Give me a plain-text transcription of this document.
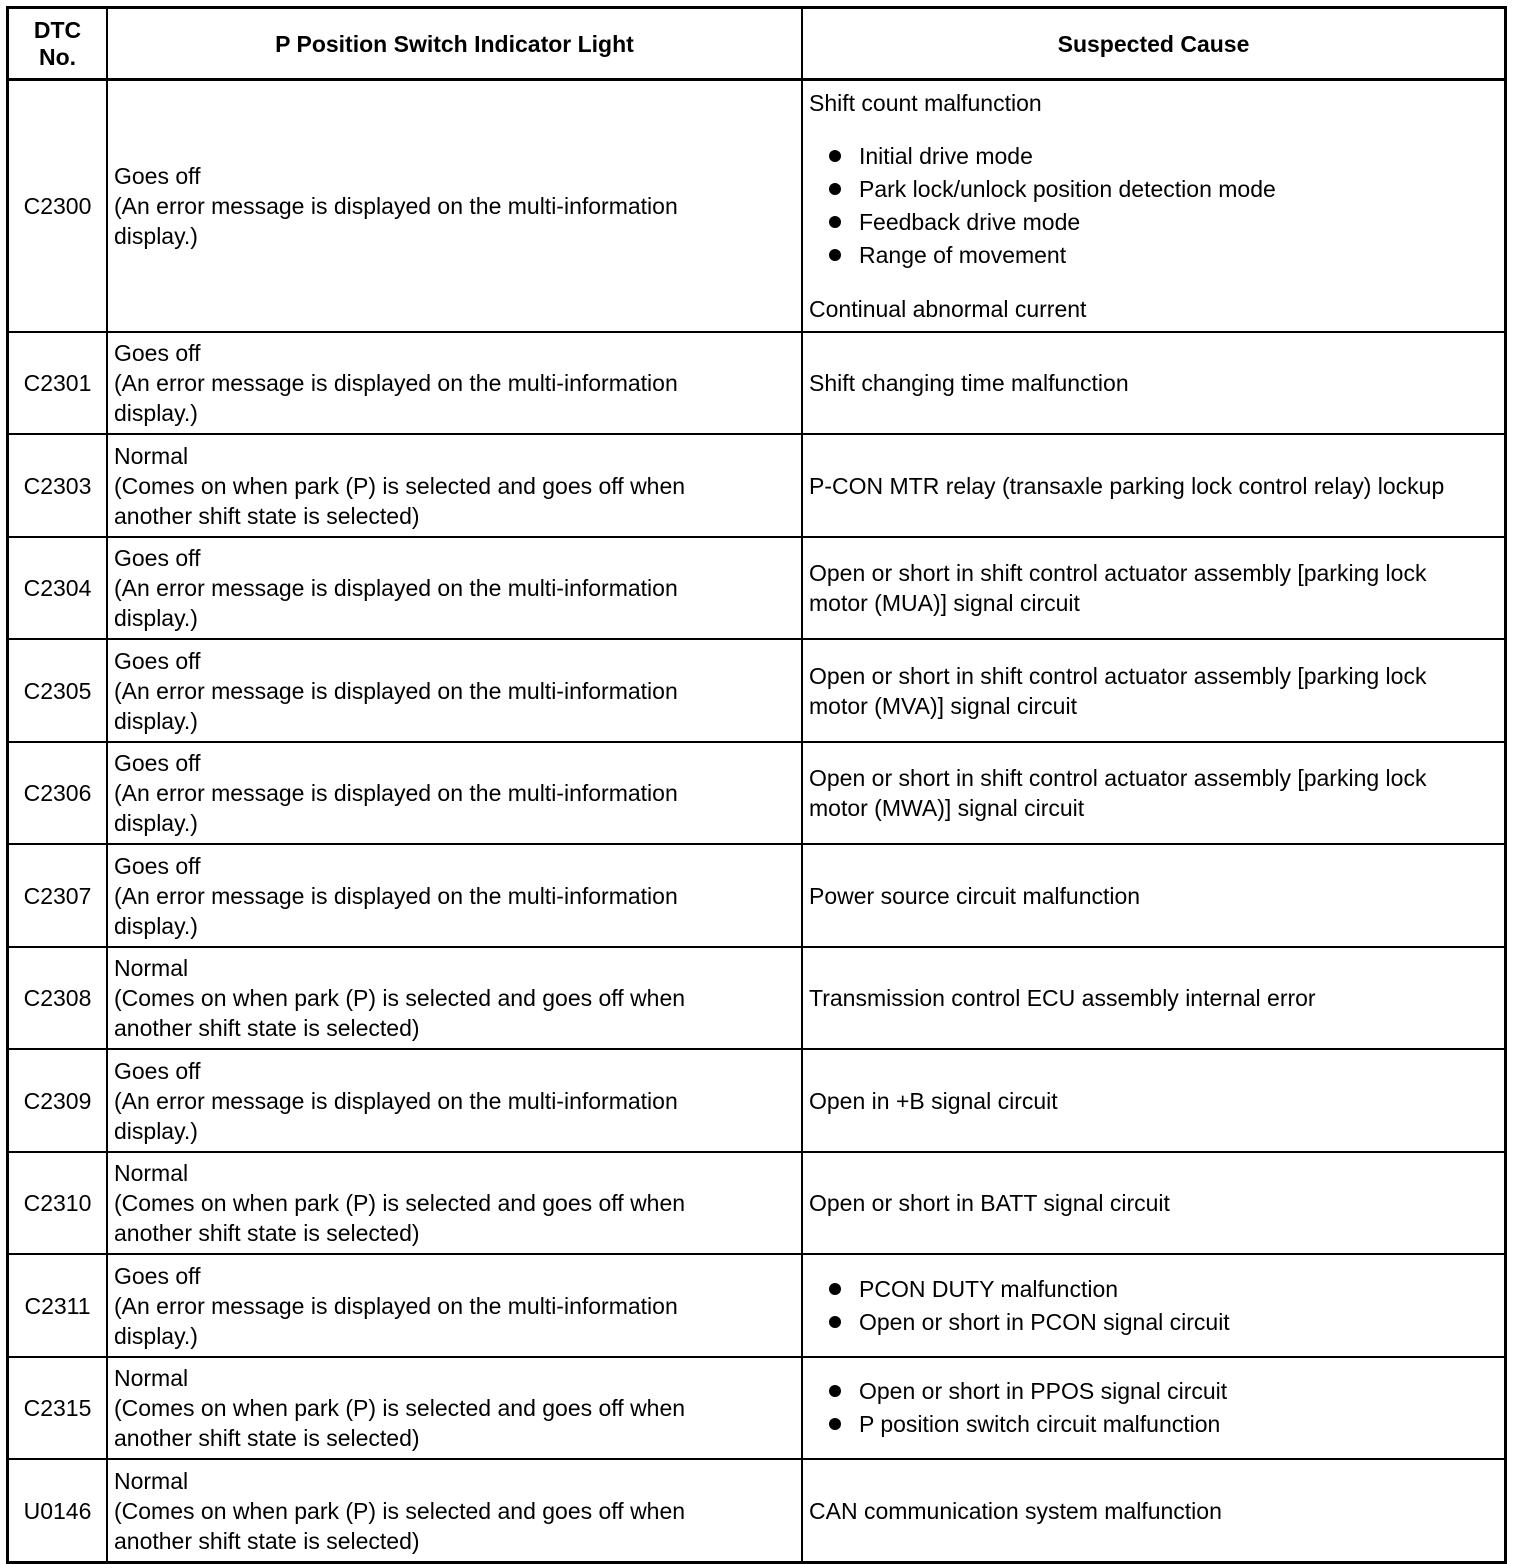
DTC
No.	P Position Switch Indicator Light	Suspected Cause
C2300
Goes off
(An error message is displayed on the multi-information
display.)
Shift count malfunction
Initial drive mode
Park lock/unlock position detection mode
Feedback drive mode
Range of movement
Continual abnormal current
C2301
Goes off
(An error message is displayed on the multi-information
display.)
Shift changing time malfunction
C2303
Normal
(Comes on when park (P) is selected and goes off when
another shift state is selected)
P-CON MTR relay (transaxle parking lock control relay) lockup
C2304
Goes off
(An error message is displayed on the multi-information
display.)
Open or short in shift control actuator assembly [parking lock
motor (MUA)] signal circuit
C2305
Goes off
(An error message is displayed on the multi-information
display.)
Open or short in shift control actuator assembly [parking lock
motor (MVA)] signal circuit
C2306
Goes off
(An error message is displayed on the multi-information
display.)
Open or short in shift control actuator assembly [parking lock
motor (MWA)] signal circuit
C2307
Goes off
(An error message is displayed on the multi-information
display.)
Power source circuit malfunction
C2308
Normal
(Comes on when park (P) is selected and goes off when
another shift state is selected)
Transmission control ECU assembly internal error
C2309
Goes off
(An error message is displayed on the multi-information
display.)
Open in +B signal circuit
C2310
Normal
(Comes on when park (P) is selected and goes off when
another shift state is selected)
Open or short in BATT signal circuit
C2311
Goes off
(An error message is displayed on the multi-information
display.)
PCON DUTY malfunction
Open or short in PCON signal circuit
C2315
Normal
(Comes on when park (P) is selected and goes off when
another shift state is selected)
Open or short in PPOS signal circuit
P position switch circuit malfunction
U0146
Normal
(Comes on when park (P) is selected and goes off when
another shift state is selected)
CAN communication system malfunction
